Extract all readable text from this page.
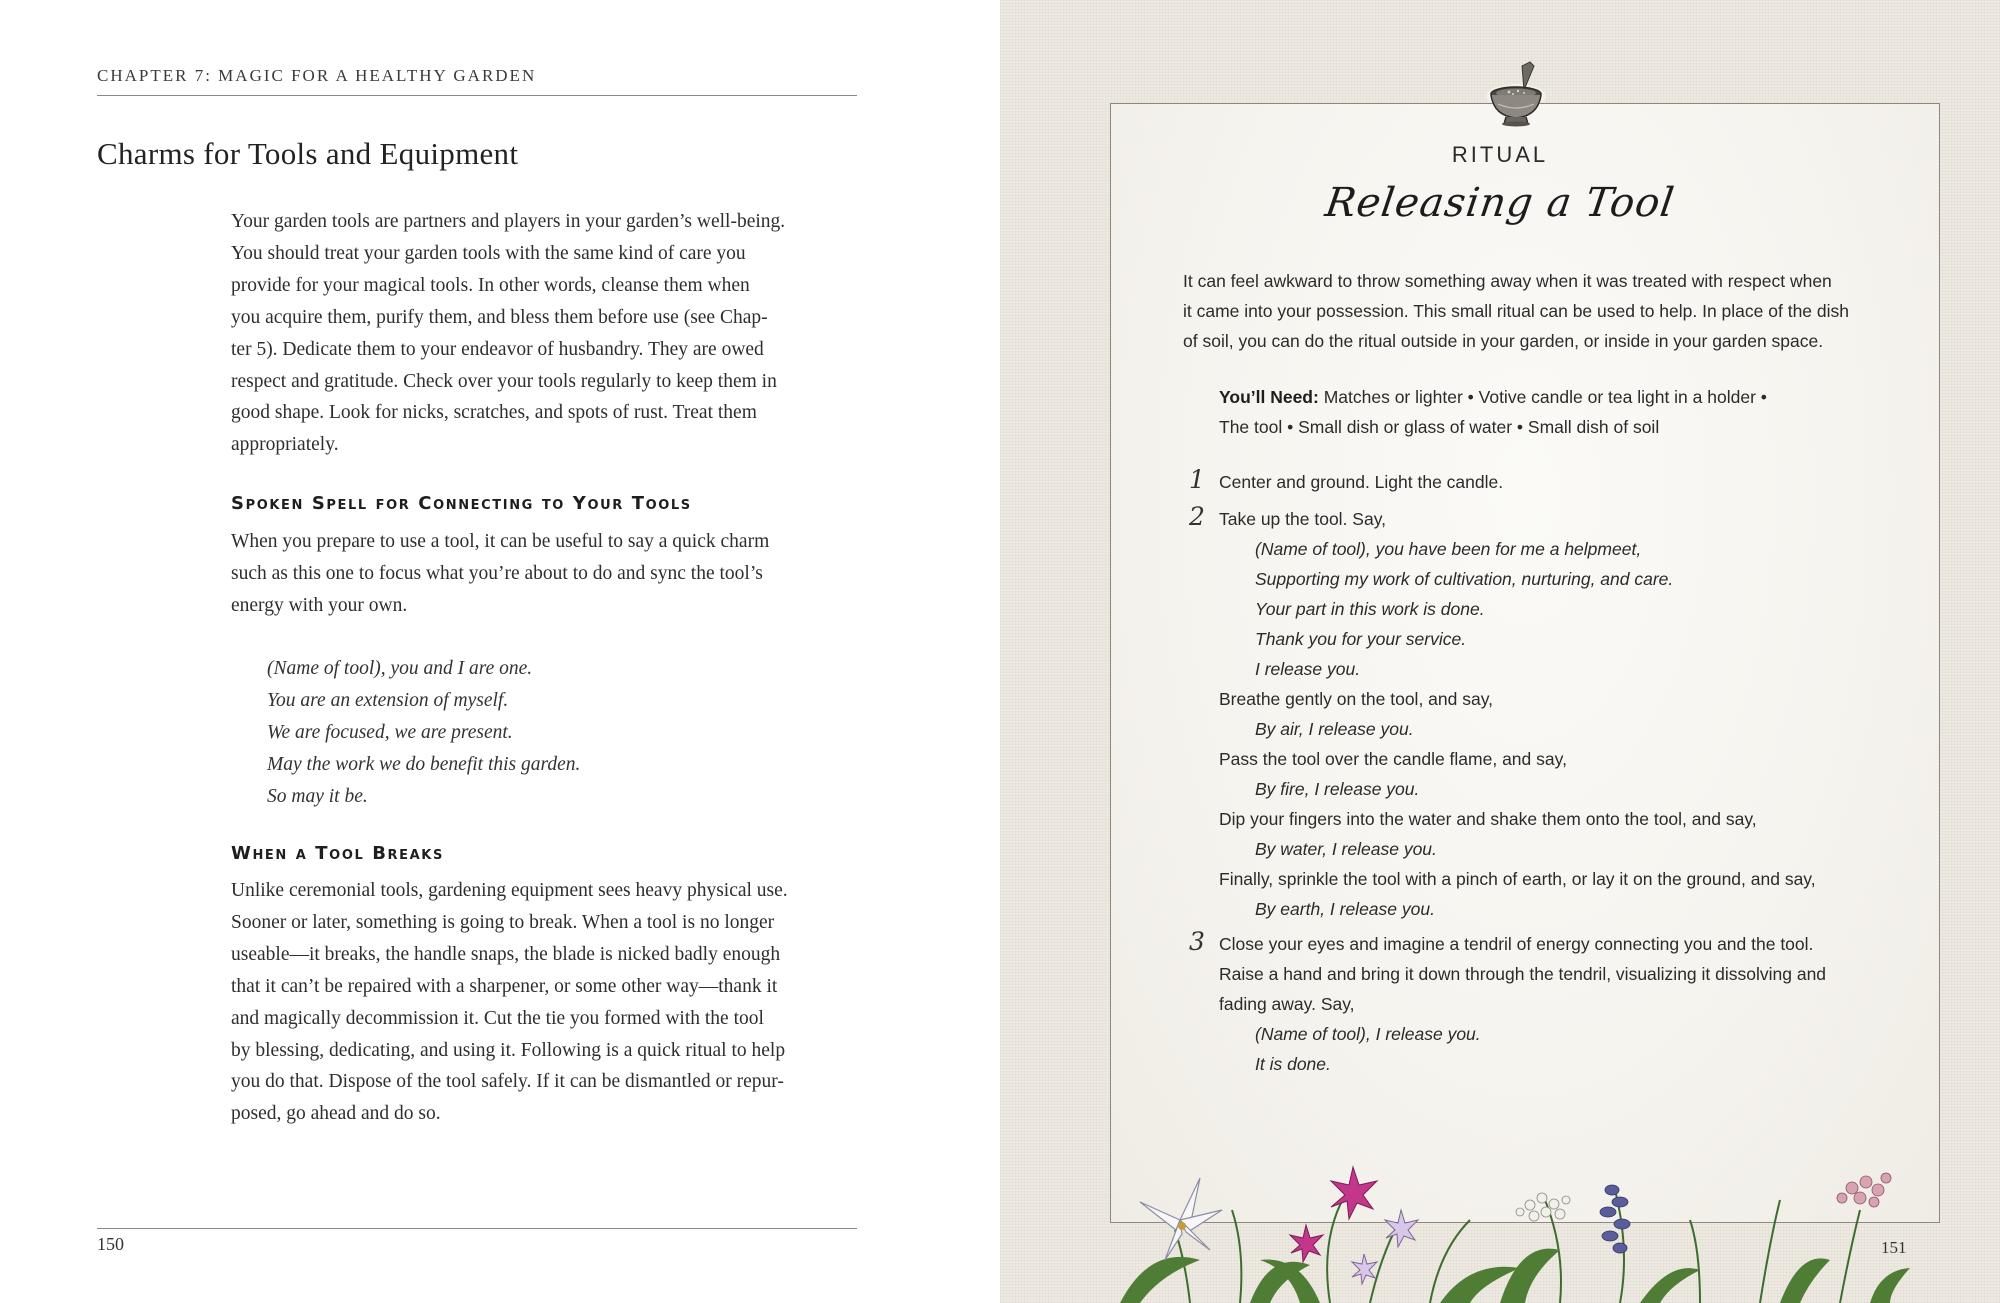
CHAPTER 7: MAGIC FOR A HEALTHY GARDEN
Charms for Tools and Equipment
Your garden tools are partners and players in your garden’s well-being.
You should treat your garden tools with the same kind of care you
provide for your magical tools. In other words, cleanse them when
you acquire them, purify them, and bless them before use (see Chap-
ter 5). Dedicate them to your endeavor of husbandry. They are owed
respect and gratitude. Check over your tools regularly to keep them in
good shape. Look for nicks, scratches, and spots of rust. Treat them
appropriately.
Spoken Spell for Connecting to Your Tools
When you prepare to use a tool, it can be useful to say a quick charm
such as this one to focus what you’re about to do and sync the tool’s
energy with your own.
(Name of tool), you and I are one.
You are an extension of myself.
We are focused, we are present.
May the work we do benefit this garden.
So may it be.
When a Tool Breaks
Unlike ceremonial tools, gardening equipment sees heavy physical use.
Sooner or later, something is going to break. When a tool is no longer
useable—it breaks, the handle snaps, the blade is nicked badly enough
that it can’t be repaired with a sharpener, or some other way—thank it
and magically decommission it. Cut the tie you formed with the tool
by blessing, dedicating, and using it. Following is a quick ritual to help
you do that. Dispose of the tool safely. If it can be dismantled or repur-
posed, go ahead and do so.
150
RITUAL
Releasing a Tool
It can feel awkward to throw something away when it was treated with respect when
it came into your possession. This small ritual can be used to help. In place of the dish
of soil, you can do the ritual outside in your garden, or inside in your garden space.
You’ll Need: Matches or lighter • Votive candle or tea light in a holder •
The tool • Small dish or glass of water • Small dish of soil
1
2
3
Center and ground. Light the candle.
Take up the tool. Say,
(Name of tool), you have been for me a helpmeet,
Supporting my work of cultivation, nurturing, and care.
Your part in this work is done.
Thank you for your service.
I release you.
Breathe gently on the tool, and say,
By air, I release you.
Pass the tool over the candle flame, and say,
By fire, I release you.
Dip your fingers into the water and shake them onto the tool, and say,
By water, I release you.
Finally, sprinkle the tool with a pinch of earth, or lay it on the ground, and say,
By earth, I release you.
Close your eyes and imagine a tendril of energy connecting you and the tool.
Raise a hand and bring it down through the tendril, visualizing it dissolving and
fading away. Say,
(Name of tool), I release you.
It is done.
151
